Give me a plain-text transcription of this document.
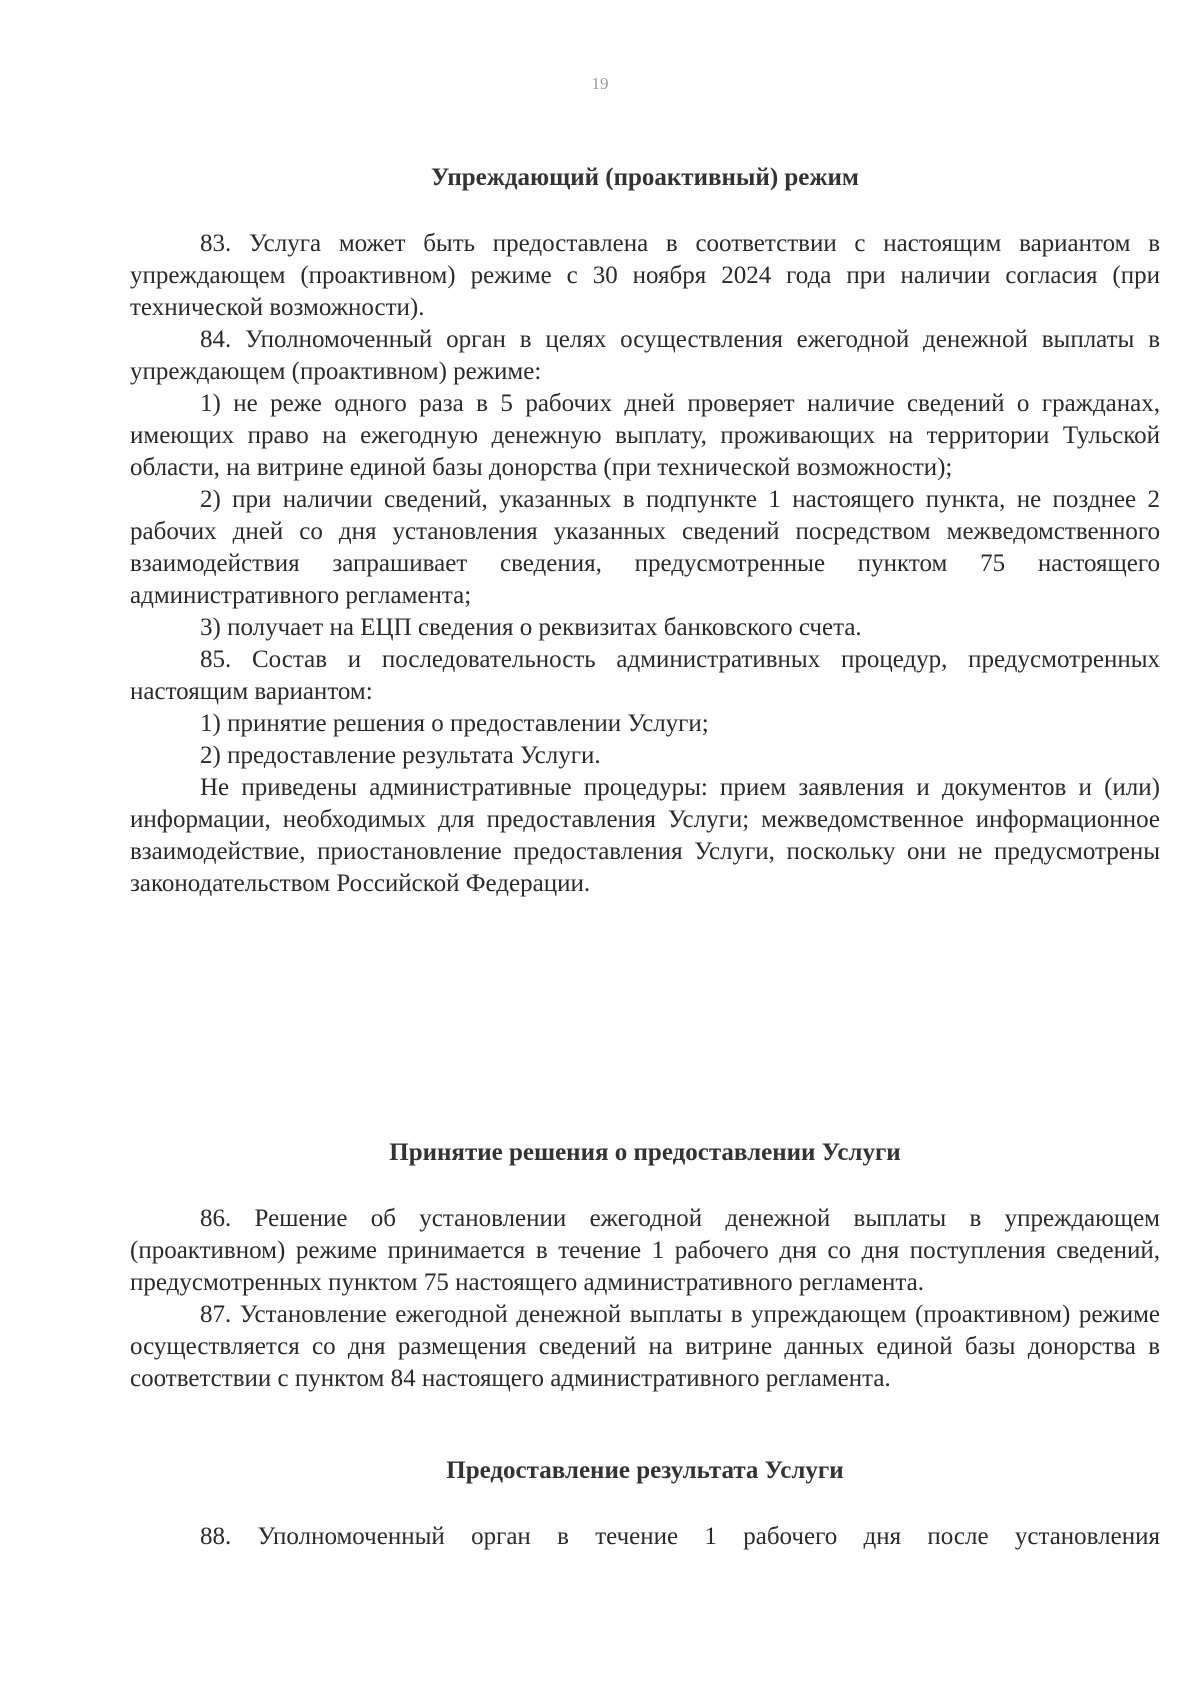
19
Упреждающий (проактивный) режим

83. Услуга может быть предоставлена в соответствии с настоящим вариантом в упреждающем (проактивном) режиме с 30 ноября 2024 года при наличии согласия (при технической возможности).

84. Уполномоченный орган в целях осуществления ежегодной денежной выплаты в упреждающем (проактивном) режиме:

1) не реже одного раза в 5 рабочих дней проверяет наличие сведений о гражданах, имеющих право на ежегодную денежную выплату, проживающих на территории Тульской области, на витрине единой базы донорства (при технической возможности);

2) при наличии сведений, указанных в подпункте 1 настоящего пункта, не позднее 2 рабочих дней со дня установления указанных сведений посредством межведомственного взаимодействия запрашивает сведения, предусмотренные пунктом 75 настоящего административного регламента;

3) получает на ЕЦП сведения о реквизитах банковского счета.

85. Состав и последовательность административных процедур, предусмотренных настоящим вариантом:

1) принятие решения о предоставлении Услуги;

2) предоставление результата Услуги.

Не приведены административные процедуры: прием заявления и документов и (или) информации, необходимых для предоставления Услуги; межведомственное информационное взаимодействие, приостановление предоставления Услуги, поскольку они не предусмотрены законодательством Российской Федерации.

Принятие решения о предоставлении Услуги

86. Решение об установлении ежегодной денежной выплаты в упреждающем (проактивном) режиме принимается в течение 1 рабочего дня со дня поступления сведений, предусмотренных пунктом 75 настоящего административного регламента.

87. Установление ежегодной денежной выплаты в упреждающем (проактивном) режиме осуществляется со дня размещения сведений на витрине данных единой базы донорства в соответствии с пунктом 84 настоящего административного регламента.

Предоставление результата Услуги

88. Уполномоченный орган в течение 1 рабочего дня после установления
